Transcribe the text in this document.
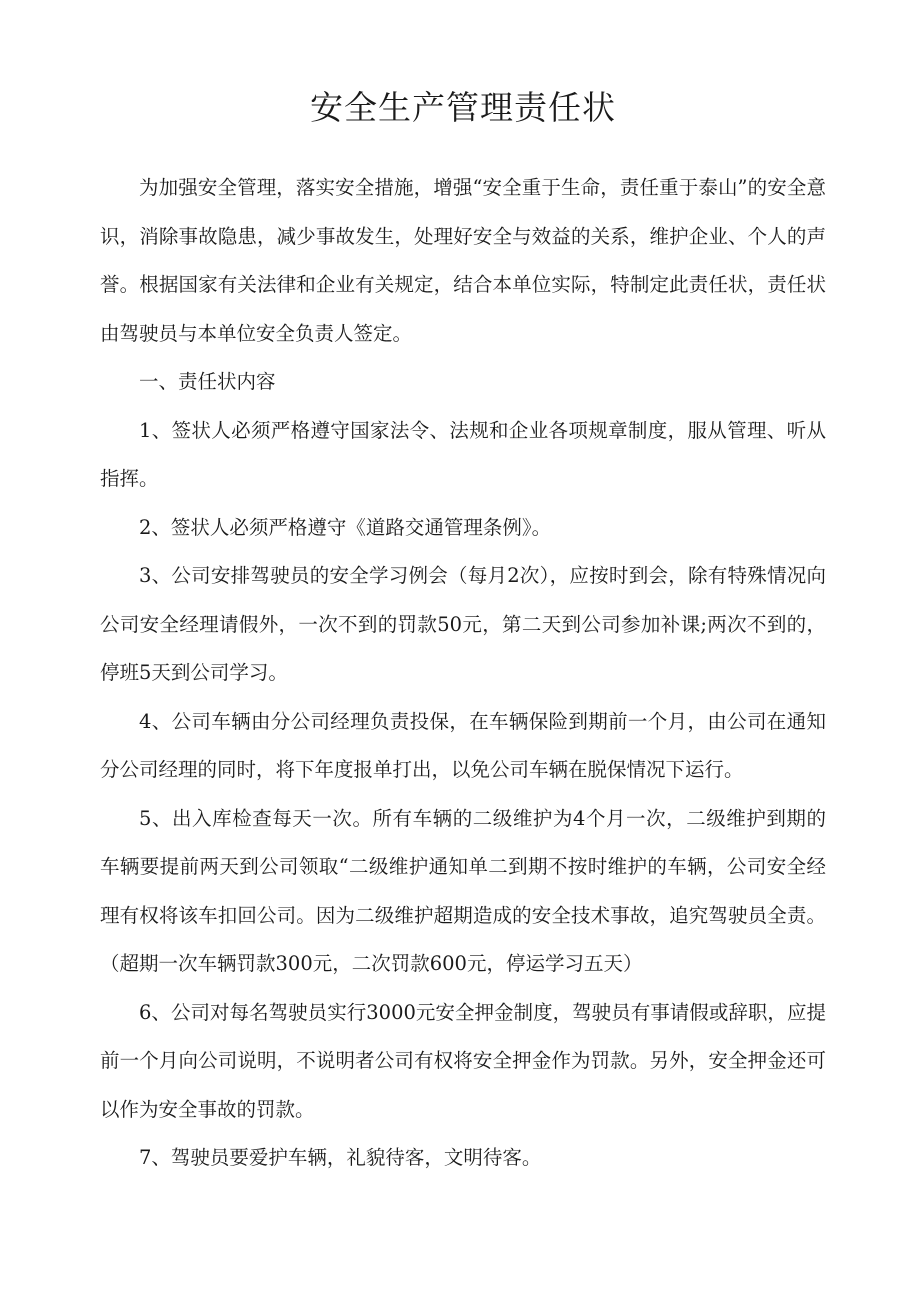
安全生产管理责任状

为加强安全管理，落实安全措施，增强“安全重于生命，责任重于泰山”的安全意识，消除事故隐患，减少事故发生，处理好安全与效益的关系，维护企业、个人的声誉。根据国家有关法律和企业有关规定，结合本单位实际，特制定此责任状，责任状由驾驶员与本单位安全负责人签定。

一、责任状内容

1、签状人必须严格遵守国家法令、法规和企业各项规章制度，服从管理、听从指挥。

2、签状人必须严格遵守《道路交通管理条例》。

3、公司安排驾驶员的安全学习例会（每月2次），应按时到会，除有特殊情况向公司安全经理请假外，一次不到的罚款50元，第二天到公司参加补课;两次不到的，停班5天到公司学习。

4、公司车辆由分公司经理负责投保，在车辆保险到期前一个月，由公司在通知分公司经理的同时，将下年度报单打出，以免公司车辆在脱保情况下运行。

5、出入库检查每天一次。所有车辆的二级维护为4个月一次，二级维护到期的车辆要提前两天到公司领取“二级维护通知单二到期不按时维护的车辆，公司安全经理有权将该车扣回公司。因为二级维护超期造成的安全技术事故，追究驾驶员全责。（超期一次车辆罚款300元，二次罚款600元，停运学习五天）

6、公司对每名驾驶员实行3000元安全押金制度，驾驶员有事请假或辞职，应提前一个月向公司说明，不说明者公司有权将安全押金作为罚款。另外，安全押金还可以作为安全事故的罚款。

7、驾驶员要爱护车辆，礼貌待客，文明待客。
